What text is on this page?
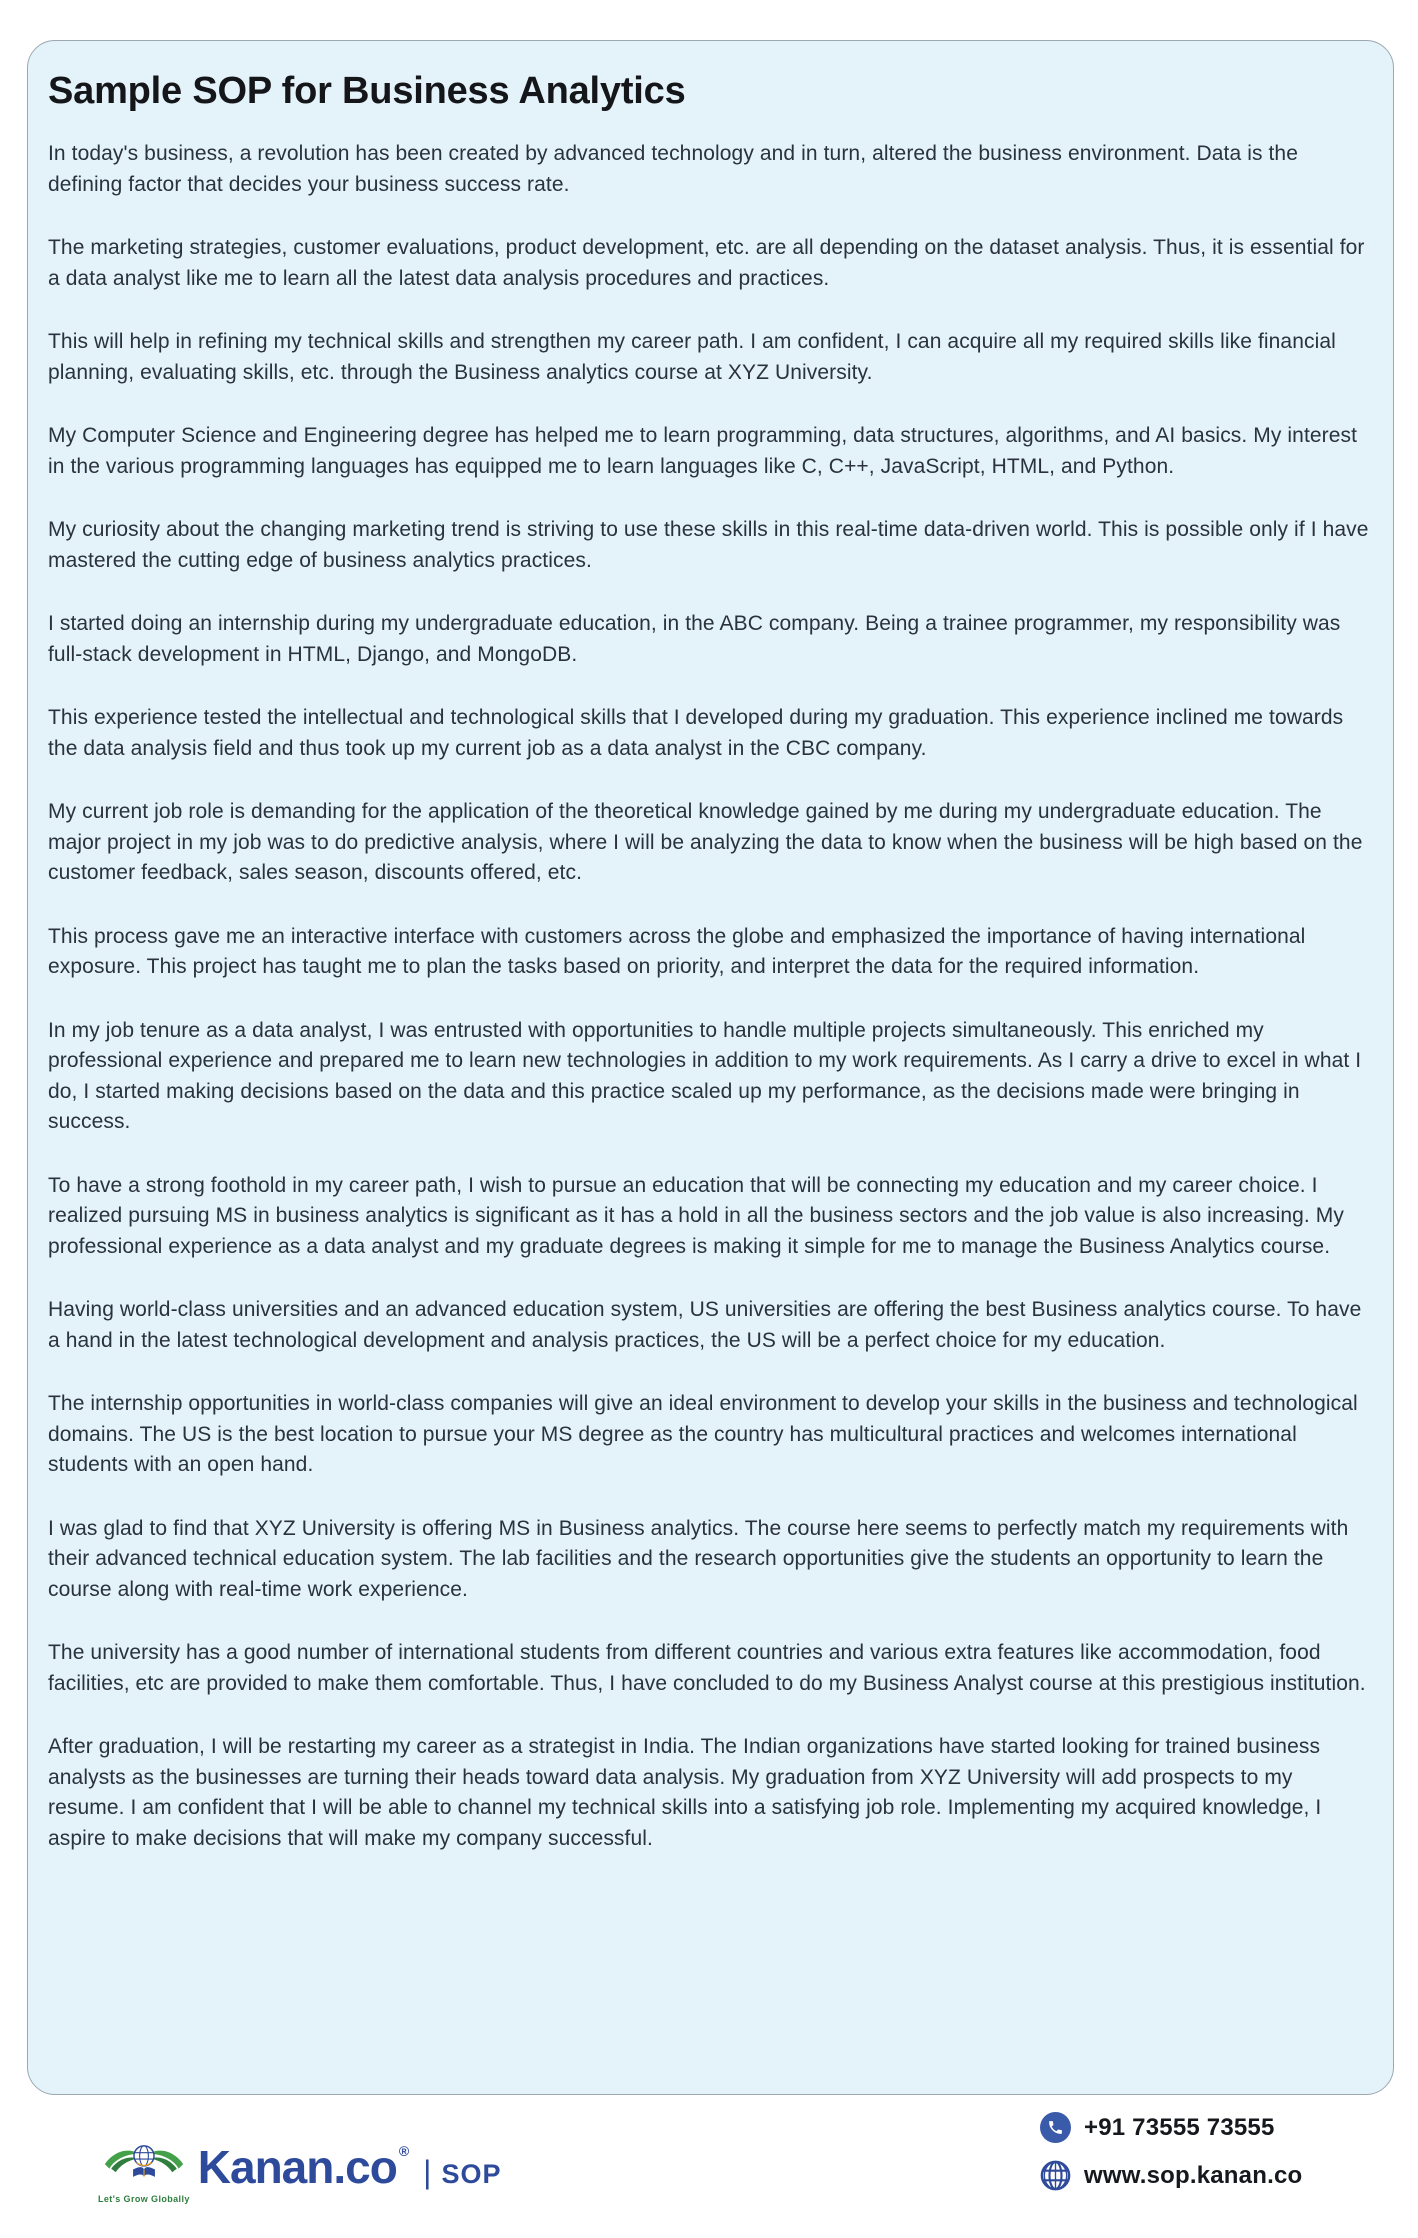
Sample SOP for Business Analytics

In today's business, a revolution has been created by advanced technology and in turn, altered the business environment. Data is the defining factor that decides your business success rate.

The marketing strategies, customer evaluations, product development, etc. are all depending on the dataset analysis. Thus, it is essential for a data analyst like me to learn all the latest data analysis procedures and practices.

This will help in refining my technical skills and strengthen my career path. I am confident, I can acquire all my required skills like financial planning, evaluating skills, etc. through the Business analytics course at XYZ University.

My Computer Science and Engineering degree has helped me to learn programming, data structures, algorithms, and AI basics. My interest in the various programming languages has equipped me to learn languages like C, C++, JavaScript, HTML, and Python.

My curiosity about the changing marketing trend is striving to use these skills in this real-time data-driven world. This is possible only if I have mastered the cutting edge of business analytics practices.

I started doing an internship during my undergraduate education, in the ABC company. Being a trainee programmer, my responsibility was full-stack development in HTML, Django, and MongoDB.

This experience tested the intellectual and technological skills that I developed during my graduation. This experience inclined me towards the data analysis field and thus took up my current job as a data analyst in the CBC company.

My current job role is demanding for the application of the theoretical knowledge gained by me during my undergraduate education. The major project in my job was to do predictive analysis, where I will be analyzing the data to know when the business will be high based on the customer feedback, sales season, discounts offered, etc.

This process gave me an interactive interface with customers across the globe and emphasized the importance of having international exposure. This project has taught me to plan the tasks based on priority, and interpret the data for the required information.

In my job tenure as a data analyst, I was entrusted with opportunities to handle multiple projects simultaneously. This enriched my professional experience and prepared me to learn new technologies in addition to my work requirements. As I carry a drive to excel in what I do, I started making decisions based on the data and this practice scaled up my performance, as the decisions made were bringing in success.

To have a strong foothold in my career path, I wish to pursue an education that will be connecting my education and my career choice. I realized pursuing MS in business analytics is significant as it has a hold in all the business sectors and the job value is also increasing. My professional experience as a data analyst and my graduate degrees is making it simple for me to manage the Business Analytics course.

Having world-class universities and an advanced education system, US universities are offering the best Business analytics course. To have a hand in the latest technological development and analysis practices, the US will be a perfect choice for my education.

The internship opportunities in world-class companies will give an ideal environment to develop your skills in the business and technological domains. The US is the best location to pursue your MS degree as the country has multicultural practices and welcomes international students with an open hand.

I was glad to find that XYZ University is offering MS in Business analytics. The course here seems to perfectly match my requirements with their advanced technical education system. The lab facilities and the research opportunities give the students an opportunity to learn the course along with real-time work experience.

The university has a good number of international students from different countries and various extra features like accommodation, food facilities, etc are provided to make them comfortable. Thus, I have concluded to do my Business Analyst course at this prestigious institution.

After graduation, I will be restarting my career as a strategist in India. The Indian organizations have started looking for trained business analysts as the businesses are turning their heads toward data analysis. My graduation from XYZ University will add prospects to my resume. I am confident that I will be able to channel my technical skills into a satisfying job role. Implementing my acquired knowledge, I aspire to make decisions that will make my company successful.

Let's Grow Globally
Kanan.co ®
| SOP
+91 73555 73555
www.sop.kanan.co
